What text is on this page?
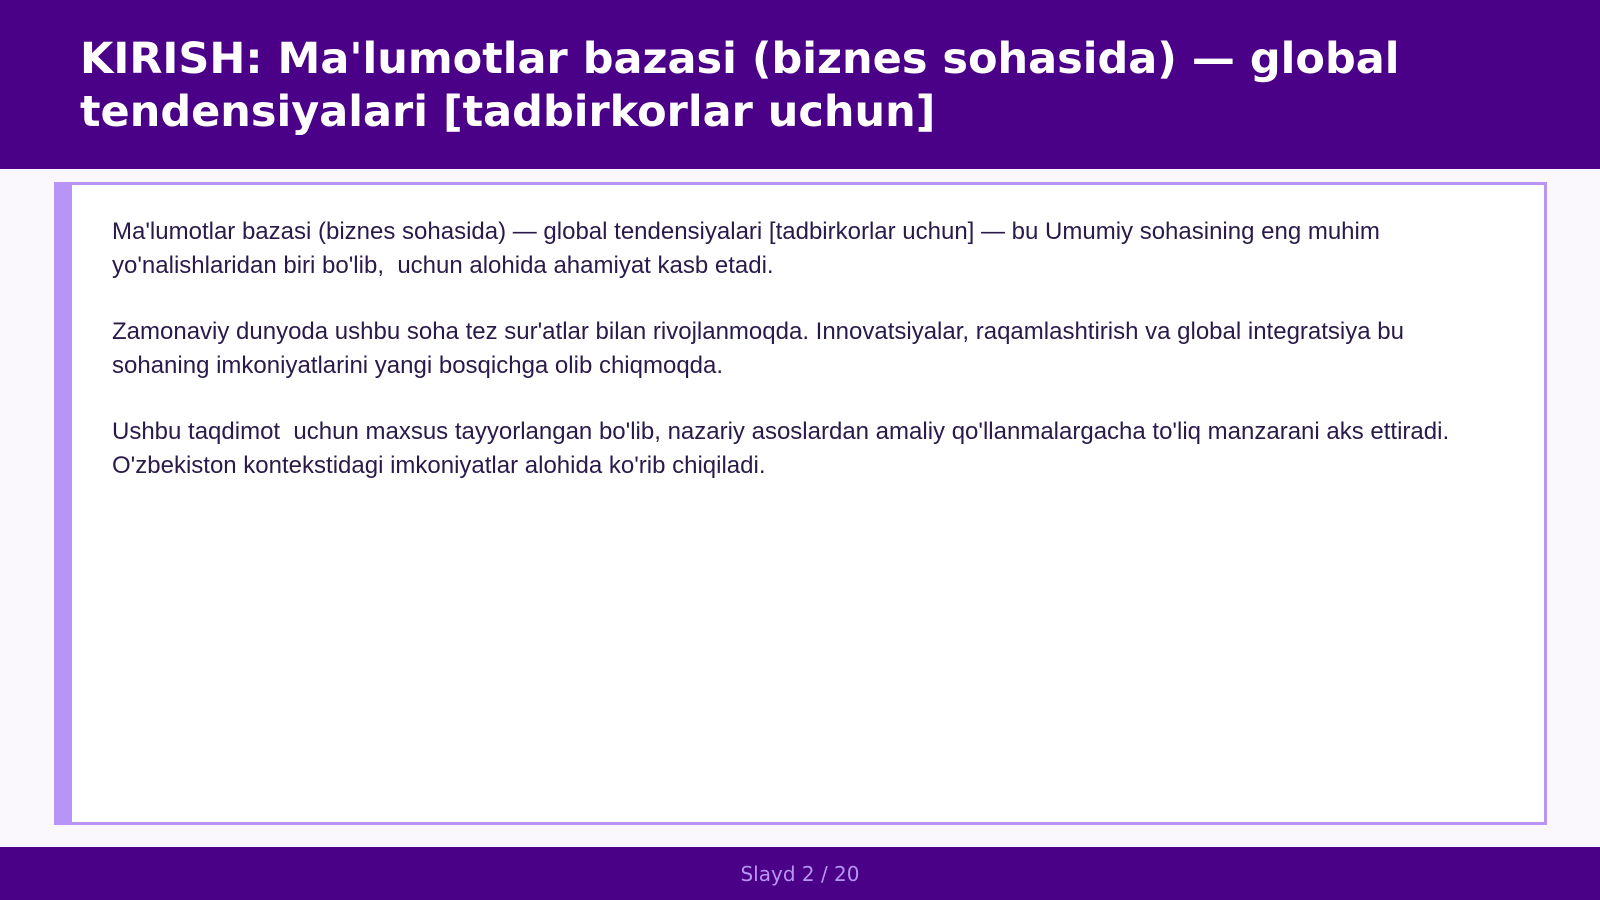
KIRISH: Ma'lumotlar bazasi (biznes sohasida) — global tendensiyalari [tadbirkorlar uchun]

Ma'lumotlar bazasi (biznes sohasida) — global tendensiyalari [tadbirkorlar uchun] — bu Umumiy sohasining eng muhim yo'nalishlaridan biri bo'lib,  uchun alohida ahamiyat kasb etadi.

Zamonaviy dunyoda ushbu soha tez sur'atlar bilan rivojlanmoqda. Innovatsiyalar, raqamlashtirish va global integratsiya bu sohaning imkoniyatlarini yangi bosqichga olib chiqmoqda.

Ushbu taqdimot  uchun maxsus tayyorlangan bo'lib, nazariy asoslardan amaliy qo'llanmalargacha to'liq manzarani aks ettiradi. O'zbekiston kontekstidagi imkoniyatlar alohida ko'rib chiqiladi.

Slayd 2 / 20
